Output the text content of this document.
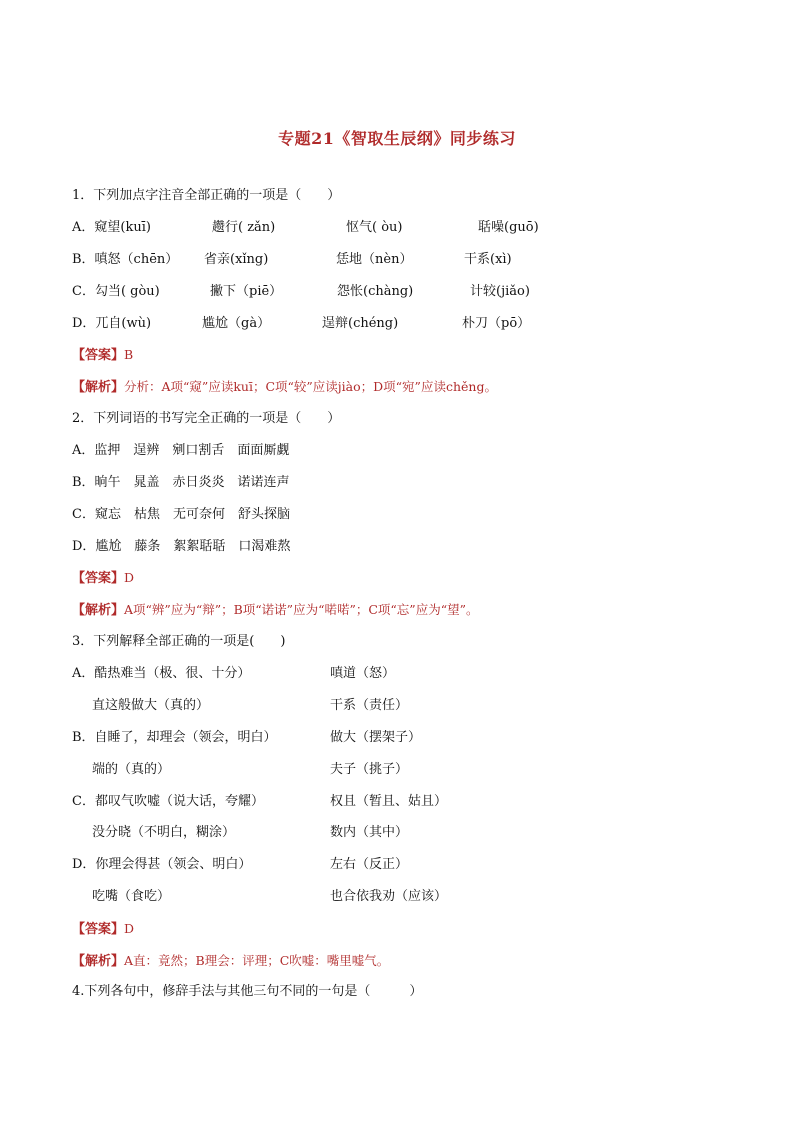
专题21《智取生辰纲》同步练习
1．下列加点字注音全部正确的一项是（　　）
A．窥望(kuī)	趱行( zǎn)	怄气( òu)	聒噪(guō)
B．嗔怒（chēn） 省亲(xǐng)	恁地（nèn）	干系(xì)
C．勾当( gòu)	撇下（piē）	怨怅(chàng)	计较(jiǎo)
D．兀自(wù)	尴尬（gà）	逞辩(chéng)	朴刀（pō）
【答案】B
【解析】分析：A项“窥”应读kuī；C项“较”应读jiào；D项“宛”应读chěng。
2．下列词语的书写完全正确的一项是（　　）
A．监押　逞辨　剜口割舌　面面厮觑
B．晌午　晁盖　赤日炎炎　诺诺连声
C．窥忘　枯焦　无可奈何　舒头探脑
D．尴尬　藤条　絮絮聒聒　口渴难熬
【答案】D
【解析】A项“辨”应为“辩”；B项“诺诺”应为“喏喏”；C项“忘”应为“望”。
3．下列解释全部正确的一项是(　　)
A．酷热难当（极、很、十分）	嗔道（怒）
直这般做大（真的）	干系（责任）
B．自睡了，却理会（领会，明白）	做大（摆架子）
端的（真的）	夫子（挑子）
C．都叹气吹嘘（说大话，夸耀）	权且（暂且、姑且）
没分晓（不明白，糊涂）	数内（其中）
D．你理会得甚（领会、明白）	左右（反正）
吃嘴（食吃）	也合依我劝（应该）
【答案】D
【解析】A直：竟然；B理会：评理；C吹嘘：嘴里嘘气。
4.下列各句中，修辞手法与其他三句不同的一句是（　　　）
